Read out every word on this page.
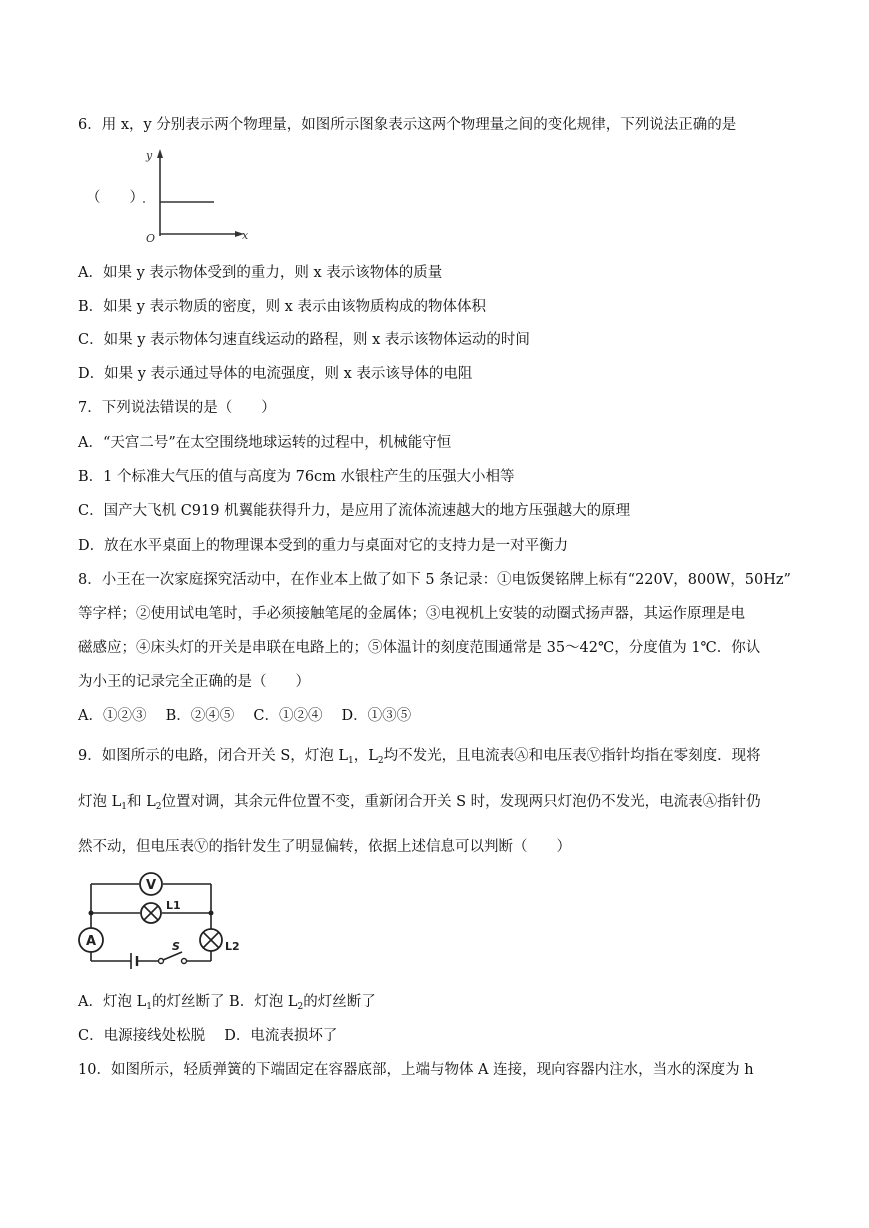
6．用 x，y 分别表示两个物理量，如图所示图象表示这两个物理量之间的变化规律，下列说法正确的是
y
O	x
（　　）
A．如果 y 表示物体受到的重力，则 x 表示该物体的质量
B．如果 y 表示物质的密度，则 x 表示由该物质构成的物体体积
C．如果 y 表示物体匀速直线运动的路程，则 x 表示该物体运动的时间
D．如果 y 表示通过导体的电流强度，则 x 表示该导体的电阻
7．下列说法错误的是（　　）
A．“天宫二号”在太空围绕地球运转的过程中，机械能守恒
B．1 个标准大气压的值与高度为 76cm 水银柱产生的压强大小相等
C．国产大飞机 C919 机翼能获得升力，是应用了流体流速越大的地方压强越大的原理
D．放在水平桌面上的物理课本受到的重力与桌面对它的支持力是一对平衡力
8．小王在一次家庭探究活动中，在作业本上做了如下 5 条记录：①电饭煲铭牌上标有“220V，800W，50Hz”
等字样；②使用试电笔时，手必须接触笔尾的金属体；③电视机上安装的动圈式扬声器，其运作原理是电
磁感应；④床头灯的开关是串联在电路上的；⑤体温计的刻度范围通常是 35～42℃，分度值为 1℃．你认
为小王的记录完全正确的是（　　）
A．①②③　 B．②④⑤　 C．①②④　 D．①③⑤
9．如图所示的电路，闭合开关 S，灯泡 $L_1$，$L_2$均不发光，且电流表Ⓐ和电压表Ⓥ指针均指在零刻度．现将
灯泡 $L_1$和 $L_2$位置对调，其余元件位置不变，重新闭合开关 S 时，发现两只灯泡仍不发光，电流表Ⓐ指针仍
然不动，但电压表Ⓥ的指针发生了明显偏转，依据上述信息可以判断（　　）
V
L1
A	L2
S
A．灯泡 $L_1$的灯丝断了 B．灯泡 $L_2$的灯丝断了
C．电源接线处松脱　 D．电流表损坏了
10．如图所示，轻质弹簧的下端固定在容器底部，上端与物体 A 连接，现向容器内注水，当水的深度为 h
